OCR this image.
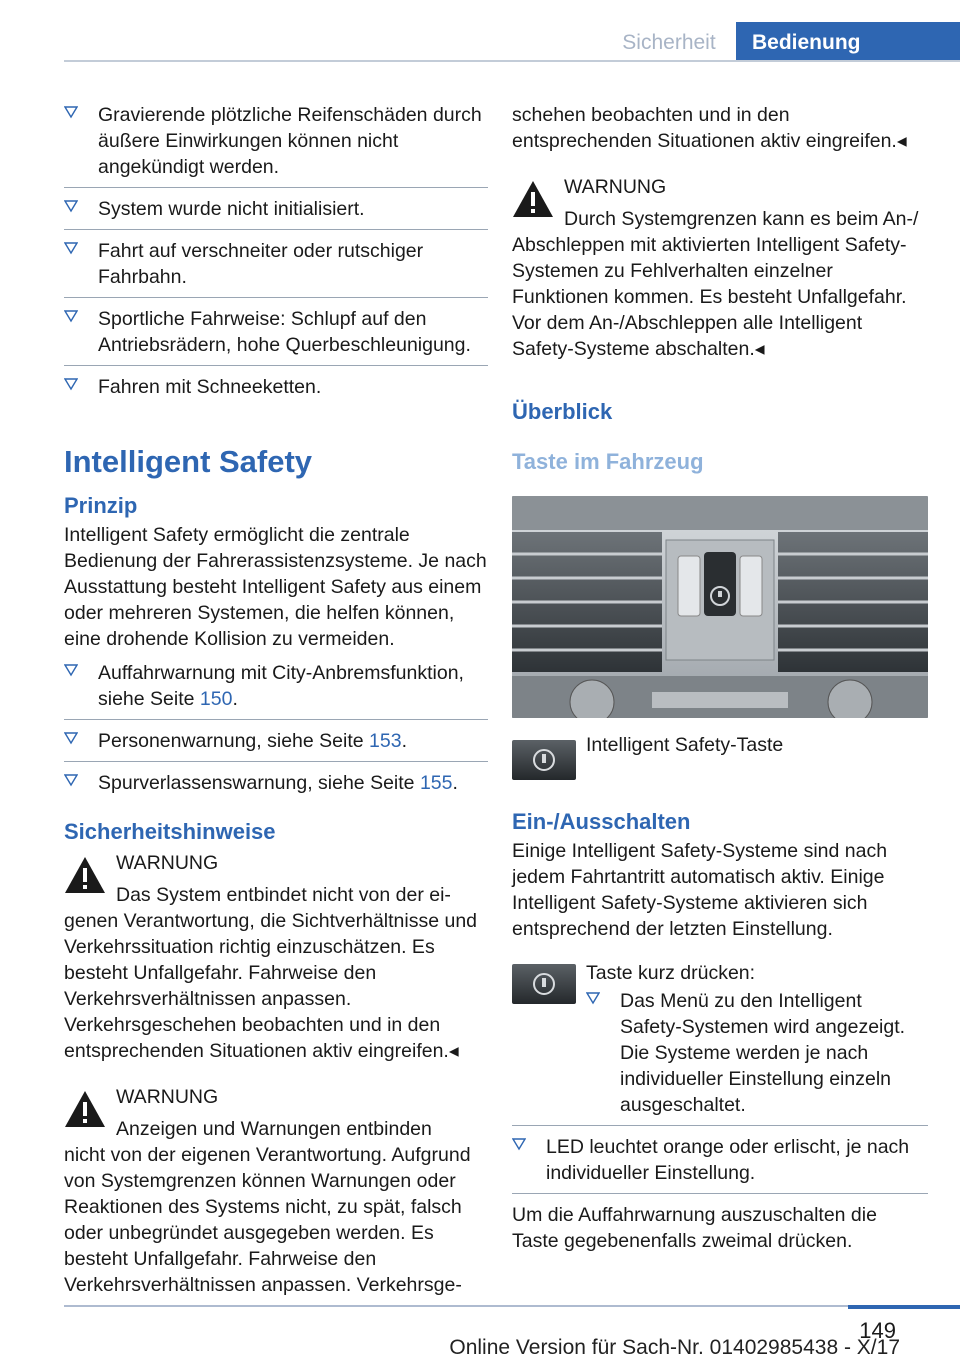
Sicherheit	Bedienung
Gravierende plötzliche Reifenschäden durch äußere Einwirkungen können nicht angekündigt werden.
System wurde nicht initialisiert.
Fahrt auf verschneiter oder rutschiger Fahrbahn.
Sportliche Fahrweise: Schlupf auf den Antriebsrädern, hohe Querbeschleunigung.
Fahren mit Schneeketten.
Intelligent Safety
Prinzip
Intelligent Safety ermöglicht die zentrale Bedienung der Fahrerassistenzsysteme. Je nach Ausstattung besteht Intelligent Safety aus einem oder mehreren Systemen, die helfen können, eine drohende Kollision zu vermeiden.
Auffahrwarnung mit City-Anbremsfunktion, siehe Seite 150.
Personenwarnung, siehe Seite 153.
Spurverlassenswarnung, siehe Seite 155.
Sicherheitshinweise
WARNUNG
Das System entbindet nicht von der ei-
genen Verantwortung, die Sichtverhältnisse und Verkehrssituation richtig einzuschätzen. Es besteht Unfallgefahr. Fahrweise den Verkehrsverhältnissen anpassen. Verkehrsgeschehen beobachten und in den entsprechenden Situationen aktiv eingreifen.◂
WARNUNG
Anzeigen und Warnungen entbinden
nicht von der eigenen Verantwortung. Aufgrund von Systemgrenzen können Warnungen oder Reaktionen des Systems nicht, zu spät, falsch oder unbegründet ausgegeben werden. Es besteht Unfallgefahr. Fahrweise den Verkehrsverhältnissen anpassen. Verkehrsge-
schehen beobachten und in den entsprechenden Situationen aktiv eingreifen.◂
WARNUNG
Durch Systemgrenzen kann es beim An-/
Abschleppen mit aktivierten Intelligent Safety-Systemen zu Fehlverhalten einzelner Funktionen kommen. Es besteht Unfallgefahr. Vor dem An-/Abschleppen alle Intelligent Safety-Systeme abschalten.◂
Überblick
Taste im Fahrzeug
Intelligent Safety-Taste
Ein-/Ausschalten
Einige Intelligent Safety-Systeme sind nach jedem Fahrtantritt automatisch aktiv. Einige Intelligent Safety-Systeme aktivieren sich entsprechend der letzten Einstellung.
Taste kurz drücken:
Das Menü zu den Intelligent Safety-Systemen wird angezeigt. Die Systeme werden je nach individueller Einstellung einzeln ausgeschaltet.
LED leuchtet orange oder erlischt, je nach individueller Einstellung.
Um die Auffahrwarnung auszuschalten die Taste gegebenenfalls zweimal drücken.
149
Online Version für Sach-Nr. 01402985438 - X/17
